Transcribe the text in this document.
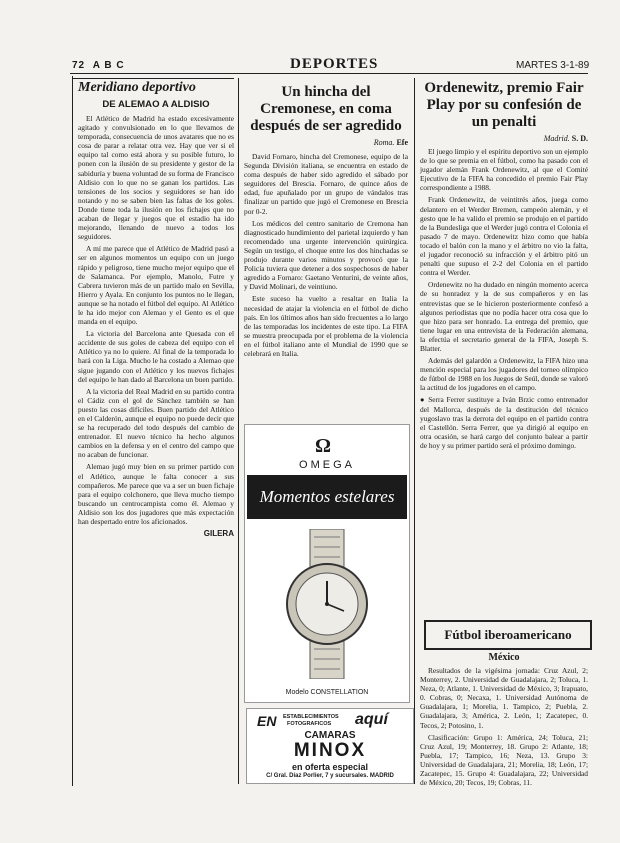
72 A B C	DEPORTES	MARTES 3-1-89
Meridiano deportivo
DE ALEMAO A ALDISIO

El Atlético de Madrid ha estado excesivamente agitado y convulsionado en lo que llevamos de temporada, consecuencia de unos avatares que no es cosa de parar a relatar otra vez. Hay que ver si el equipo tal como está ahora y su posible futuro, lo ponen con la ilusión de su presidente y gestor de la sabiduría y buena voluntad de su forma de Francisco Aldisio con lo que no se ganan los partidos. Las tensiones de los socios y seguidores se han ido notando y no se saben bien las faltas de los goles. Donde tiene toda la ilusión en los fichajes que no acaban de llegar y juegos que el estadio ha ido mejorando, llenando de nuevo a todos los seguidores.

A mí me parece que el Atlético de Madrid pasó a ser en algunos momentos un equipo con un juego rápido y peligroso, tiene mucho mejor equipo que el de Salamanca. Por ejemplo, Manolo, Futre y Cabrera tuvieron más de un partido malo en Sevilla, Hierro y Ayala. En conjunto los puntos no le llegan, aunque se ha notado el fútbol del equipo. Al Atlético le ha ido mejor con Alemao y el Gento es el que manda en el equipo.

La victoria del Barcelona ante Quesada con el accidente de sus goles de cabeza del equipo con el Atlético ya no lo quiere. Al final de la temporada lo hará con la Liga. Mucho le ha costado a Alemao que sigue jugando con el Atlético y los nuevos fichajes del equipo le han dado al Barcelona un buen partido.

A la victoria del Real Madrid en su partido contra el Cádiz con el gol de Sánchez también se han puesto las cosas difíciles. Buen partido del Atlético en el Calderón, aunque el equipo no puede decir que se ha recuperado del todo después del cambio de entrenador. El nuevo técnico ha hecho algunos cambios en la defensa y en el centro del campo que no acaban de funcionar.

Alemao jugó muy bien en su primer partido con el Atlético, aunque le falta conocer a sus compañeros. Me parece que va a ser un buen fichaje para el equipo colchonero, que lleva mucho tiempo buscando un centrocampista como él. Alemao y Aldisio son los dos jugadores que más expectación han despertado entre los aficionados.

GILERA
Un hincha del Cremonese, en coma después de ser agredido
Roma. Efe

David Fornaro, hincha del Cremonese, equipo de la Segunda División italiana, se encuentra en estado de coma después de haber sido agredido el sábado por seguidores del Brescia. Fornaro, de quince años de edad, fue apuñalado por un grupo de vándalos tras finalizar un partido que jugó el Cremonese en Brescia por 0-2.

Los médicos del centro sanitario de Cremona han diagnosticado hundimiento del parietal izquierdo y han recomendado una urgente intervención quirúrgica. Según un testigo, el choque entre los dos hinchadas se produjo durante varios minutos y provocó que la Policía tuviera que detener a dos sospechosos de haber agredido a Fornaro: Gaetano Venturini, de veinte años, y David Molinari, de veintiuno.

Este suceso ha vuelto a resaltar en Italia la necesidad de atajar la violencia en el fútbol de dicho país. En los últimos años han sido frecuentes a lo largo de las temporadas los incidentes de este tipo. La FIFA se muestra preocupada por el problema de la violencia en el fútbol italiano ante el Mundial de 1990 que se celebrará en Italia.

Ω
OMEGA
Momentos estelares
Modelo CONSTELLATION
EN ESTABLECIMIENTOS
FOTOGRAFICOS aquí
CAMARAS
MINOX
en oferta especial
C/ Gral. Díaz Porlier, 7 y sucursales. MADRID
Ordenewitz, premio Fair Play por su confesión de un penalti
Madrid. S. D.

El juego limpio y el espíritu deportivo son un ejemplo de lo que se premia en el fútbol, como ha pasado con el jugador alemán Frank Ordenewitz, al que el Comité Ejecutivo de la FIFA ha concedido el premio Fair Play correspondiente a 1988.

Frank Ordenewitz, de veintitrés años, juega como delantero en el Werder Bremen, campeón alemán, y el gesto que le ha valido el premio se produjo en el partido de la Bundesliga que el Werder jugó contra el Colonia el pasado 7 de mayo. Ordenewitz hizo como que había tocado el balón con la mano y el árbitro no vio la falta, el jugador reconoció su infracción y el árbitro pitó un penalti que supuso el 2-2 del Colonia en el partido contra el Werder.

Ordenewitz no ha dudado en ningún momento acerca de su honradez y la de sus compañeros y en las entrevistas que se le hicieron posteriormente confesó a algunos periodistas que no podía hacer otra cosa que lo que hizo para ser honrado. La entrega del premio, que tiene lugar en una entrevista de la Federación alemana, la efectúa el secretario general de la FIFA, Joseph S. Blatter.

Además del galardón a Ordenewitz, la FIFA hizo una mención especial para los jugadores del torneo olímpico de fútbol de 1988 en los Juegos de Seúl, donde se valoró la actitud de los jugadores en el campo.

● Serra Ferrer sustituye a Iván Brzic como entrenador del Mallorca, después de la destitución del técnico yugoslavo tras la derrota del equipo en el partido contra el Castellón. Serra Ferrer, que ya dirigió al equipo en otra ocasión, se hará cargo del conjunto balear a partir de hoy y su primer partido será el próximo domingo.

Fútbol iberoamericano
México

Resultados de la vigésima jornada: Cruz Azul, 2; Monterrey, 2. Universidad de Guadalajara, 2; Toluca, 1. Neza, 0; Atlante, 1. Universidad de México, 3; Irapuato, 0. Cobras, 0; Necaxa, 1. Universidad Autónoma de Guadalajara, 1; Morelia, 1. Tampico, 2; Puebla, 2. Guadalajara, 3; América, 2. León, 1; Zacatepec, 0. Tecos, 2; Potosino, 1.

Clasificación: Grupo 1: América, 24; Toluca, 21; Cruz Azul, 19; Monterrey, 18. Grupo 2: Atlante, 18; Puebla, 17; Tampico, 16; Neza, 13. Grupo 3: Universidad de Guadalajara, 21; Morelia, 18; León, 17; Zacatepec, 15. Grupo 4: Guadalajara, 22; Universidad de México, 20; Tecos, 19; Cobras, 11.
